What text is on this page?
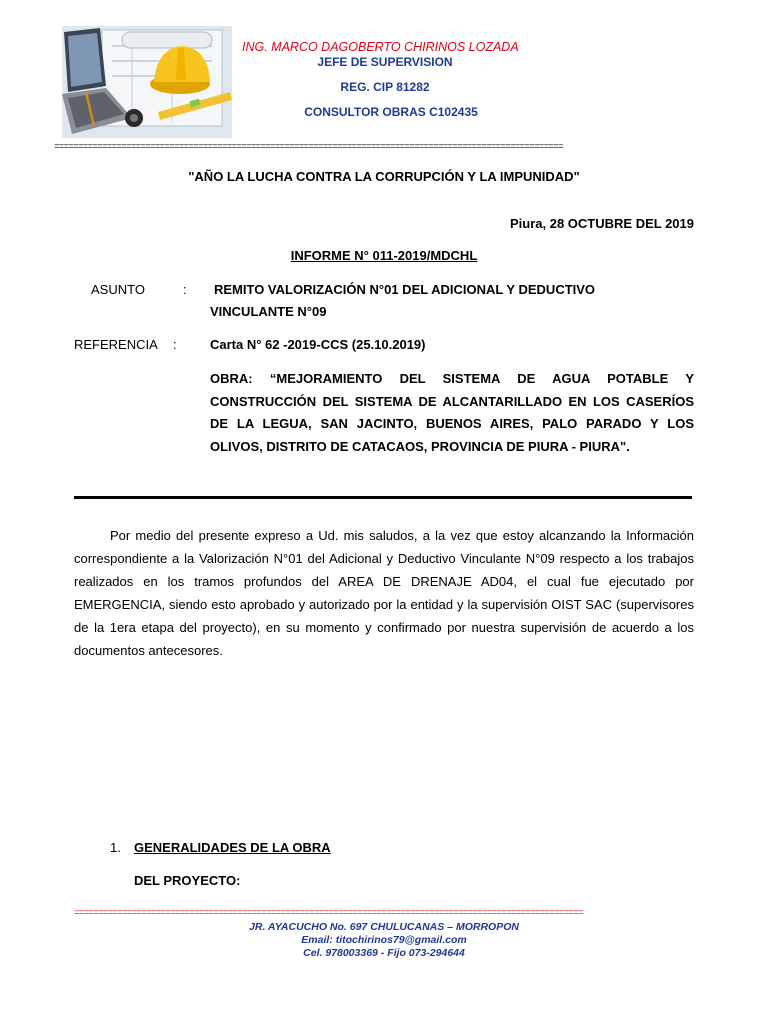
ING. MARCO DAGOBERTO CHIRINOS LOZADA
JEFE DE SUPERVISION
REG. CIP 81282
CONSULTOR OBRAS C102435
==========================================================================================================
"AÑO LA LUCHA CONTRA LA CORRUPCIÓN Y LA IMPUNIDAD"
Piura, 28 OCTUBRE DEL 2019
INFORME N° 011-2019/MDCHL
ASUNTO	: REMITO VALORIZACIÓN N°01 DEL ADICIONAL Y DEDUCTIVO
VINCULANTE N°09
REFERENCIA :	Carta N° 62 -2019-CCS (25.10.2019)
OBRA: “MEJORAMIENTO DEL SISTEMA DE AGUA POTABLE Y CONSTRUCCIÓN DEL SISTEMA DE ALCANTARILLADO EN LOS CASERÍOS DE LA LEGUA, SAN JACINTO, BUENOS AIRES, PALO PARADO Y LOS OLIVOS, DISTRITO DE CATACAOS, PROVINCIA DE PIURA - PIURA".
Por medio del presente expreso a Ud. mis saludos, a la vez que estoy alcanzando la Información correspondiente a la Valorización N°01 del Adicional y Deductivo Vinculante N°09 respecto a los trabajos realizados en los tramos profundos del AREA DE DRENAJE AD04, el cual fue ejecutado por EMERGENCIA, siendo esto aprobado y autorizado por la entidad y la supervisión OIST SAC (supervisores de la 1era etapa del proyecto), en su momento y confirmado por nuestra supervisión de acuerdo a los documentos antecesores.
1. GENERALIDADES DE LA OBRA
DEL PROYECTO:
==========================================================================================================
JR. AYACUCHO No. 697 CHULUCANAS – MORROPON
Email: titochirinos79@gmail.com
Cel. 978003369 - Fijo 073-294644
